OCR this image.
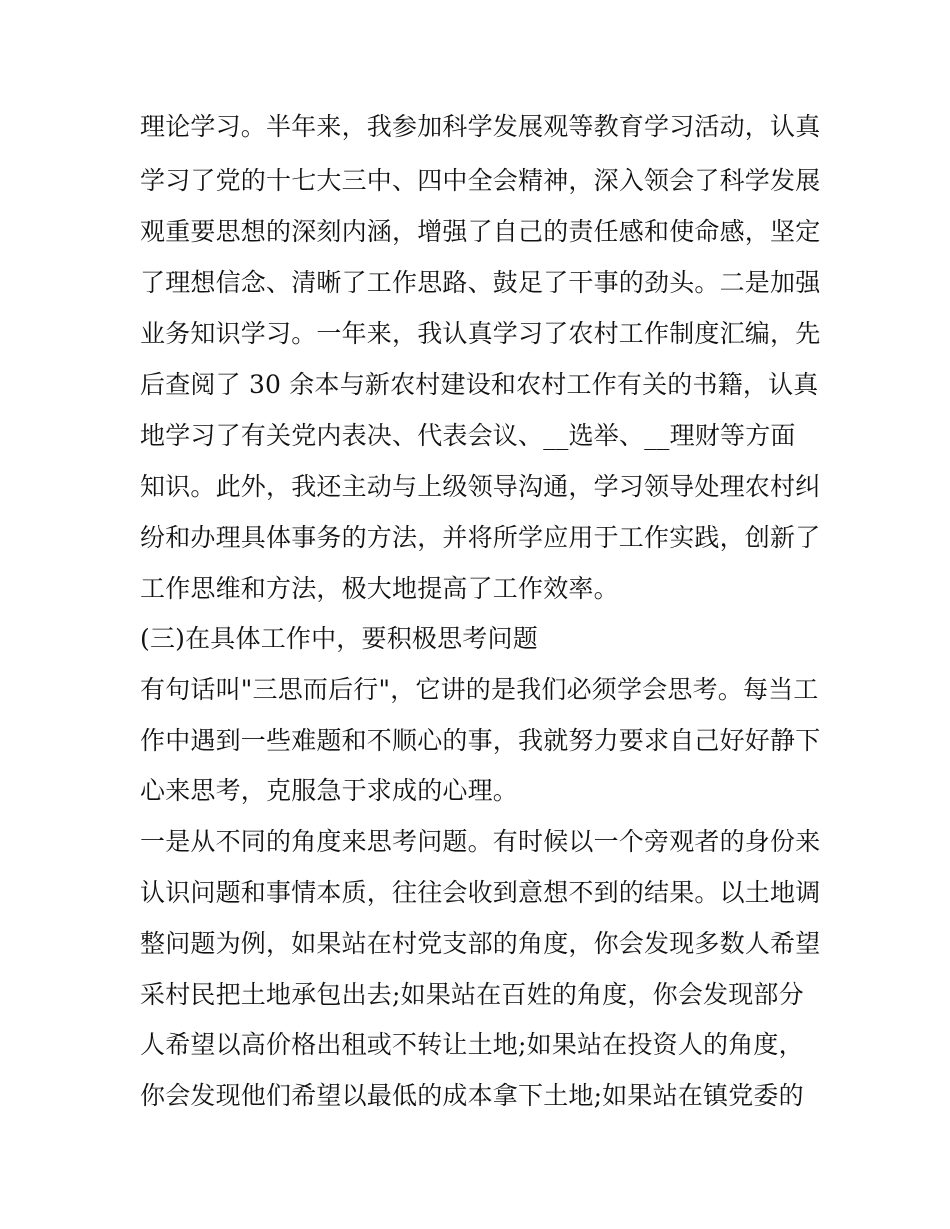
理论学习。半年来，我参加科学发展观等教育学习活动，认真
学习了党的十七大三中、四中全会精神，深入领会了科学发展
观重要思想的深刻内涵，增强了自己的责任感和使命感，坚定
了理想信念、清晰了工作思路、鼓足了干事的劲头。二是加强
业务知识学习。一年来，我认真学习了农村工作制度汇编，先
后查阅了 30 余本与新农村建设和农村工作有关的书籍，认真
地学习了有关党内表决、代表会议、__选举、__理财等方面
知识。此外，我还主动与上级领导沟通，学习领导处理农村纠
纷和办理具体事务的方法，并将所学应用于工作实践，创新了
工作思维和方法，极大地提高了工作效率。
(三)在具体工作中，要积极思考问题
有句话叫"三思而后行"，它讲的是我们必须学会思考。每当工
作中遇到一些难题和不顺心的事，我就努力要求自己好好静下
心来思考，克服急于求成的心理。
一是从不同的角度来思考问题。有时候以一个旁观者的身份来
认识问题和事情本质，往往会收到意想不到的结果。以土地调
整问题为例，如果站在村党支部的角度，你会发现多数人希望
采村民把土地承包出去;如果站在百姓的角度，你会发现部分
人希望以高价格出租或不转让土地;如果站在投资人的角度，
你会发现他们希望以最低的成本拿下土地;如果站在镇党委的
